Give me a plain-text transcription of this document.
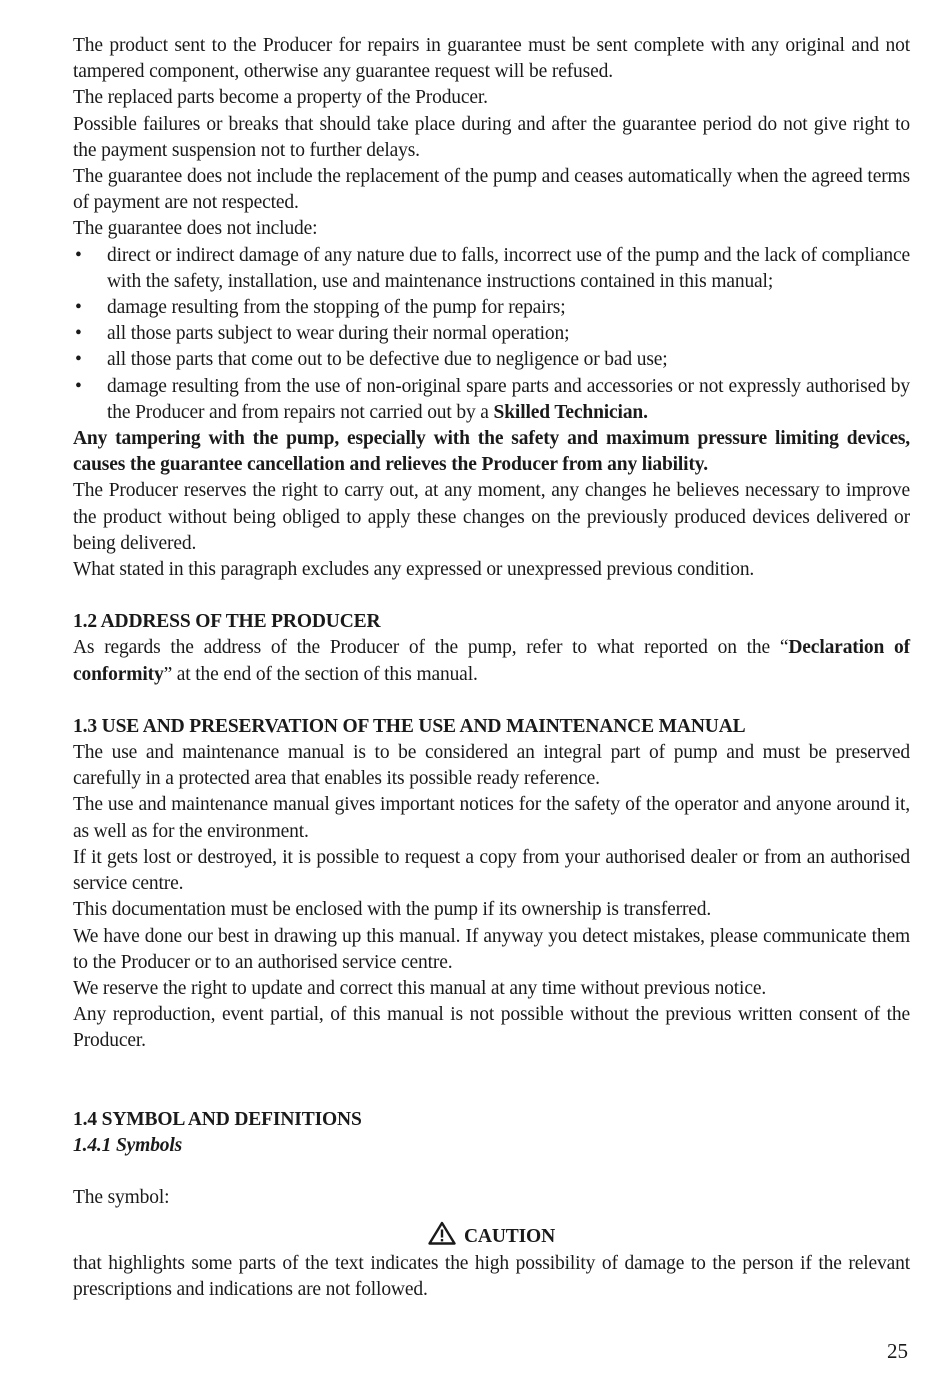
The product sent to the Producer for repairs in guarantee must be sent complete with any original and not tampered component, otherwise any guarantee request will be refused.

The replaced parts become a property of the Producer.

Possible failures or breaks that should take place during and after the guarantee period do not give right to the payment suspension not to further delays.

The guarantee does not include the replacement of the pump and ceases automatically when the agreed terms of payment are not respected.

The guarantee does not include:

• direct or indirect damage of any nature due to falls, incorrect use of the pump and the lack of compliance with the safety, installation, use and maintenance instructions contained in this manual;
• damage resulting from the stopping of the pump for repairs;
• all those parts subject to wear during their normal operation;
• all those parts that come out to be defective due to negligence or bad use;
• damage resulting from the use of non-original spare parts and accessories or not expressly authorised by the Producer and from repairs not carried out by a Skilled Technician.

Any tampering with the pump, especially with the safety and maximum pressure limiting devices, causes the guarantee cancellation and relieves the Producer from any liability.

The Producer reserves the right to carry out, at any moment, any changes he believes necessary to improve the product without being obliged to apply these changes on the previously produced devices delivered or being delivered.

What stated in this paragraph excludes any expressed or unexpressed previous condition.

1.2 ADDRESS OF THE PRODUCER

As regards the address of the Producer of the pump, refer to what reported on the “Declaration of conformity” at the end of the section of this manual.

1.3 USE AND PRESERVATION OF THE USE AND MAINTENANCE MANUAL

The use and maintenance manual is to be considered an integral part of pump and must be preserved carefully in a protected area that enables its possible ready reference.

The use and maintenance manual gives important notices for the safety of the operator and anyone around it, as well as for the environment.

If it gets lost or destroyed, it is possible to request a copy from your authorised dealer or from an authorised service centre.

This documentation must be enclosed with the pump if its ownership is transferred.

We have done our best in drawing up this manual. If anyway you detect mistakes, please communicate them to the Producer or to an authorised service centre.

We reserve the right to update and correct this manual at any time without previous notice.

Any reproduction, event partial, of this manual is not possible without the previous written consent of the Producer.

1.4 SYMBOL AND DEFINITIONS

1.4.1 Symbols

The symbol:

CAUTION

that highlights some parts of the text indicates the high possibility of damage to the person if the relevant prescriptions and indications are not followed.

25
